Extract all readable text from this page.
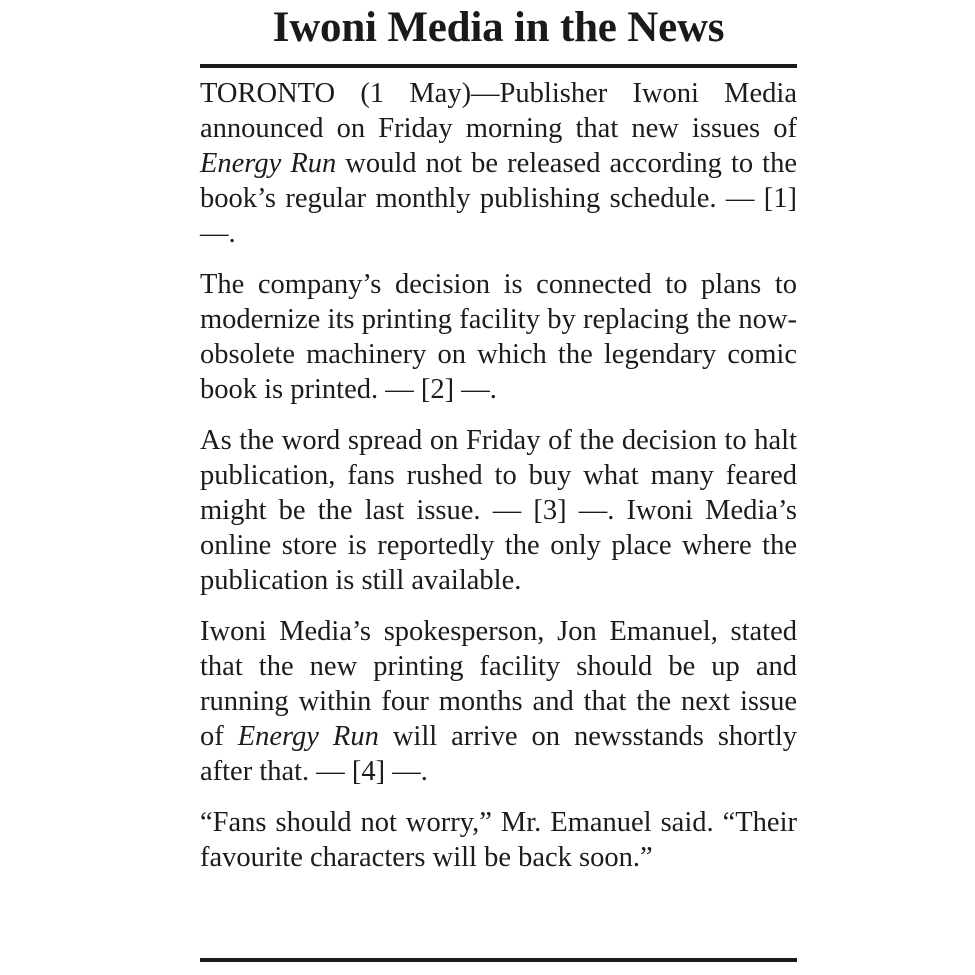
Iwoni Media in the News

TORONTO (1 May)—Publisher Iwoni Media announced on Friday morning that new issues of Energy Run would not be released according to the book’s regular monthly publishing schedule. — [1] —.

The company’s decision is connected to plans to modernize its printing facility by replacing the now-obsolete machinery on which the legendary comic book is printed. — [2] —.

As the word spread on Friday of the decision to halt publication, fans rushed to buy what many feared might be the last issue. — [3] —. Iwoni Media’s online store is reportedly the only place where the publication is still available.

Iwoni Media’s spokesperson, Jon Emanuel, stated that the new printing facility should be up and running within four months and that the next issue of Energy Run will arrive on newsstands shortly after that. — [4] —.

“Fans should not worry,” Mr. Emanuel said. “Their favourite characters will be back soon.”
